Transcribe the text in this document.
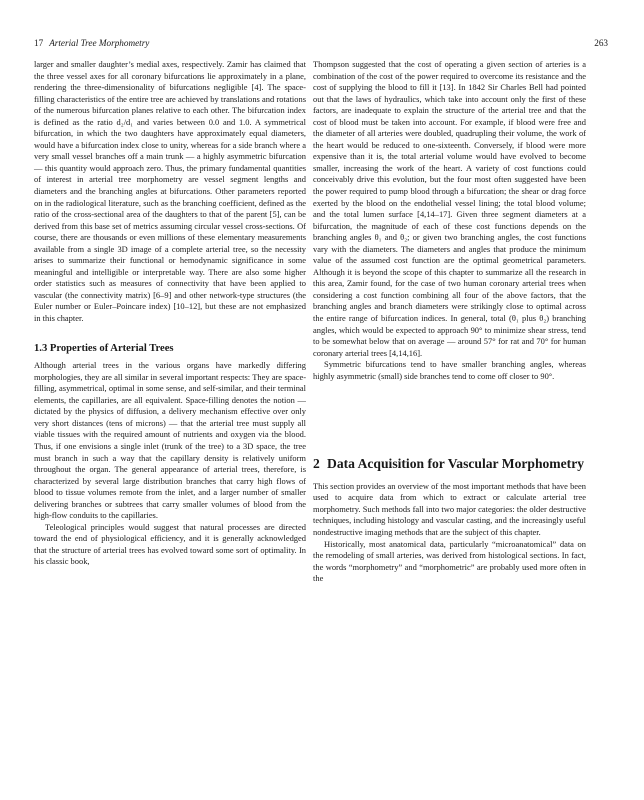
17 Arterial Tree Morphometry	263

larger and smaller daughter’s medial axes, respectively. Zamir has claimed that the three vessel axes for all coronary bifurcations lie approximately in a plane, rendering the three-dimensionality of bifurcations negligible [4]. The space-filling characteristics of the entire tree are achieved by translations and rotations of the numerous bifurcation planes relative to each other. The bifurcation index is defined as the ratio d₂/d₁ and varies between 0.0 and 1.0. A symmetrical bifurcation, in which the two daughters have approximately equal diameters, would have a bifurcation index close to unity, whereas for a side branch where a very small vessel branches off a main trunk — a highly asymmetric bifurcation — this quantity would approach zero. Thus, the primary fundamental quantities of interest in arterial tree morphometry are vessel segment lengths and diameters and the branching angles at bifurcations. Other parameters reported on in the radiological literature, such as the branching coefficient, defined as the ratio of the cross-sectional area of the daughters to that of the parent [5], can be derived from this base set of metrics assuming circular vessel cross-sections. Of course, there are thousands or even millions of these elementary measurements available from a single 3D image of a complete arterial tree, so the necessity arises to summarize their functional or hemodynamic significance in some meaningful and intelligible or interpretable way. There are also some higher order statistics such as measures of connectivity that have been applied to vascular (the connectivity matrix) [6–9] and other network-type structures (the Euler number or Euler–Poincare index) [10–12], but these are not emphasized in this chapter.

1.3 Properties of Arterial Trees

Although arterial trees in the various organs have markedly differing morphologies, they are all similar in several important respects: They are space-filling, asymmetrical, optimal in some sense, and self-similar, and their terminal elements, the capillaries, are all equivalent. Space-filling denotes the notion — dictated by the physics of diffusion, a delivery mechanism effective over only very short distances (tens of microns) — that the arterial tree must supply all viable tissues with the required amount of nutrients and oxygen via the blood. Thus, if one envisions a single inlet (trunk of the tree) to a 3D space, the tree must branch in such a way that the capillary density is relatively uniform throughout the organ. The general appearance of arterial trees, therefore, is characterized by several large distribution branches that carry high flows of blood to tissue volumes remote from the inlet, and a larger number of smaller delivering branches or subtrees that carry smaller volumes of blood from the high-flow conduits to the capillaries.

Teleological principles would suggest that natural processes are directed toward the end of physiological efficiency, and it is generally acknowledged that the structure of arterial trees has evolved toward some sort of optimality. In his classic book,

Thompson suggested that the cost of operating a given section of arteries is a combination of the cost of the power required to overcome its resistance and the cost of supplying the blood to fill it [13]. In 1842 Sir Charles Bell had pointed out that the laws of hydraulics, which take into account only the first of these factors, are inadequate to explain the structure of the arterial tree and that the cost of blood must be taken into account. For example, if blood were free and the diameter of all arteries were doubled, quadrupling their volume, the work of the heart would be reduced to one-sixteenth. Conversely, if blood were more expensive than it is, the total arterial volume would have evolved to become smaller, increasing the work of the heart. A variety of cost functions could conceivably drive this evolution, but the four most often suggested have been the power required to pump blood through a bifurcation; the shear or drag force exerted by the blood on the endothelial vessel lining; the total blood volume; and the total lumen surface [4,14–17]. Given three segment diameters at a bifurcation, the magnitude of each of these cost functions depends on the branching angles θ₁ and θ₂; or given two branching angles, the cost functions vary with the diameters. The diameters and angles that produce the minimum value of the assumed cost function are the optimal geometrical parameters. Although it is beyond the scope of this chapter to summarize all the research in this area, Zamir found, for the case of two human coronary arterial trees when considering a cost function combining all four of the above factors, that the branching angles and branch diameters were strikingly close to optimal across the entire range of bifurcation indices. In general, total (θ₁ plus θ₂) branching angles, which would be expected to approach 90° to minimize shear stress, tend to be somewhat below that on average — around 57° for rat and 70° for human coronary arterial trees [4,14,16].

Symmetric bifurcations tend to have smaller branching angles, whereas highly asymmetric (small) side branches tend to come off closer to 90°.

2 Data Acquisition for Vascular Morphometry

This section provides an overview of the most important methods that have been used to acquire data from which to extract or calculate arterial tree morphometry. Such methods fall into two major categories: the older destructive techniques, including histology and vascular casting, and the increasingly useful nondestructive imaging methods that are the subject of this chapter.

Historically, most anatomical data, particularly “microanatomical” data on the remodeling of small arteries, was derived from histological sections. In fact, the words “morphometry” and “morphometric” are probably used more often in the
